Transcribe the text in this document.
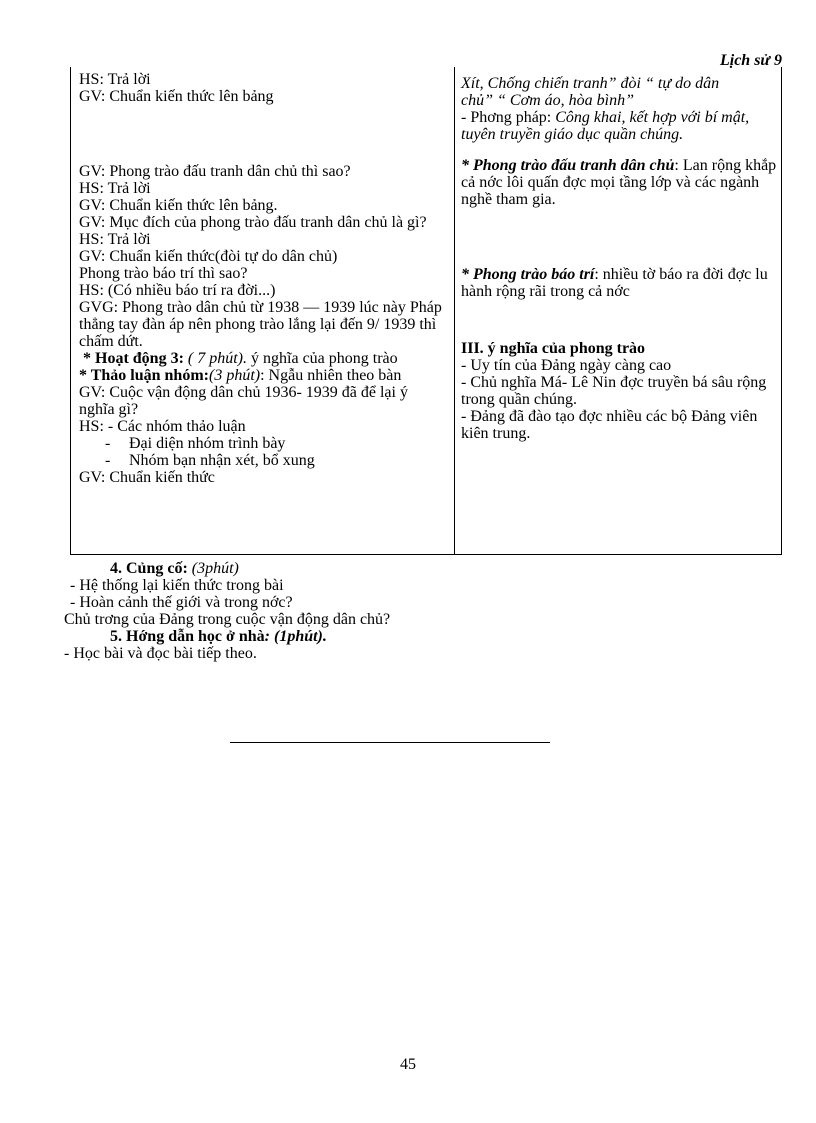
Lịch sử 9
HS: Trả lời
GV: Chuẩn kiến thức lên bảng
GV: Phong trào đấu tranh dân chủ thì sao?
HS: Trả lời
GV: Chuẩn kiến thức lên bảng.
GV: Mục đích của phong trào đấu tranh dân chủ là gì?
HS: Trả lời
GV: Chuẩn kiến thức(đòi tự do dân chủ)
Phong trào báo trí thì sao?
HS: (Có nhiều báo trí ra đời...)
GVG: Phong trào dân chủ từ 1938 — 1939 lúc này Pháp thẳng tay đàn áp nên phong trào lắng lại đến 9/ 1939 thì chấm dứt.
* Hoạt động 3: ( 7 phút). ý nghĩa của phong trào
* Thảo luận nhóm:(3 phút): Ngẫu nhiên theo bàn
GV: Cuộc vận động dân chủ 1936- 1939 đã để lại ý nghĩa gì?
HS: - Các nhóm thảo luận
- Đại diện nhóm trình bày
- Nhóm bạn nhận xét, bổ xung
GV: Chuẩn kiến thức
Xít, Chống chiến tranh” đòi “ tự do dân
chủ” “ Cơm áo, hòa bình”
- Phơng pháp: Công khai, kết hợp với bí mật, tuyên truyền giáo dục quần chúng.
* Phong trào đấu tranh dân chủ: Lan rộng khắp cả nớc lôi quấn đợc mọi tầng lớp và các ngành nghề tham gia.
* Phong trào báo trí: nhiều tờ báo ra đời đợc lu hành rộng rãi trong cả nớc
III. ý nghĩa của phong trào
- Uy tín của Đảng ngày càng cao
- Chủ nghĩa Má- Lê Nin đợc truyền bá sâu rộng trong quần chúng.
- Đảng đã đào tạo đợc nhiều các bộ Đảng viên kiên trung.
4. Củng cố: (3phút)
- Hệ thống lại kiến thức trong bài
- Hoàn cảnh thế giới và trong nớc?
Chủ trơng của Đảng trong cuộc vận động dân chủ?
5. Hớng dẫn học ở nhà: (1phút).
- Học bài và đọc bài tiếp theo.
45
